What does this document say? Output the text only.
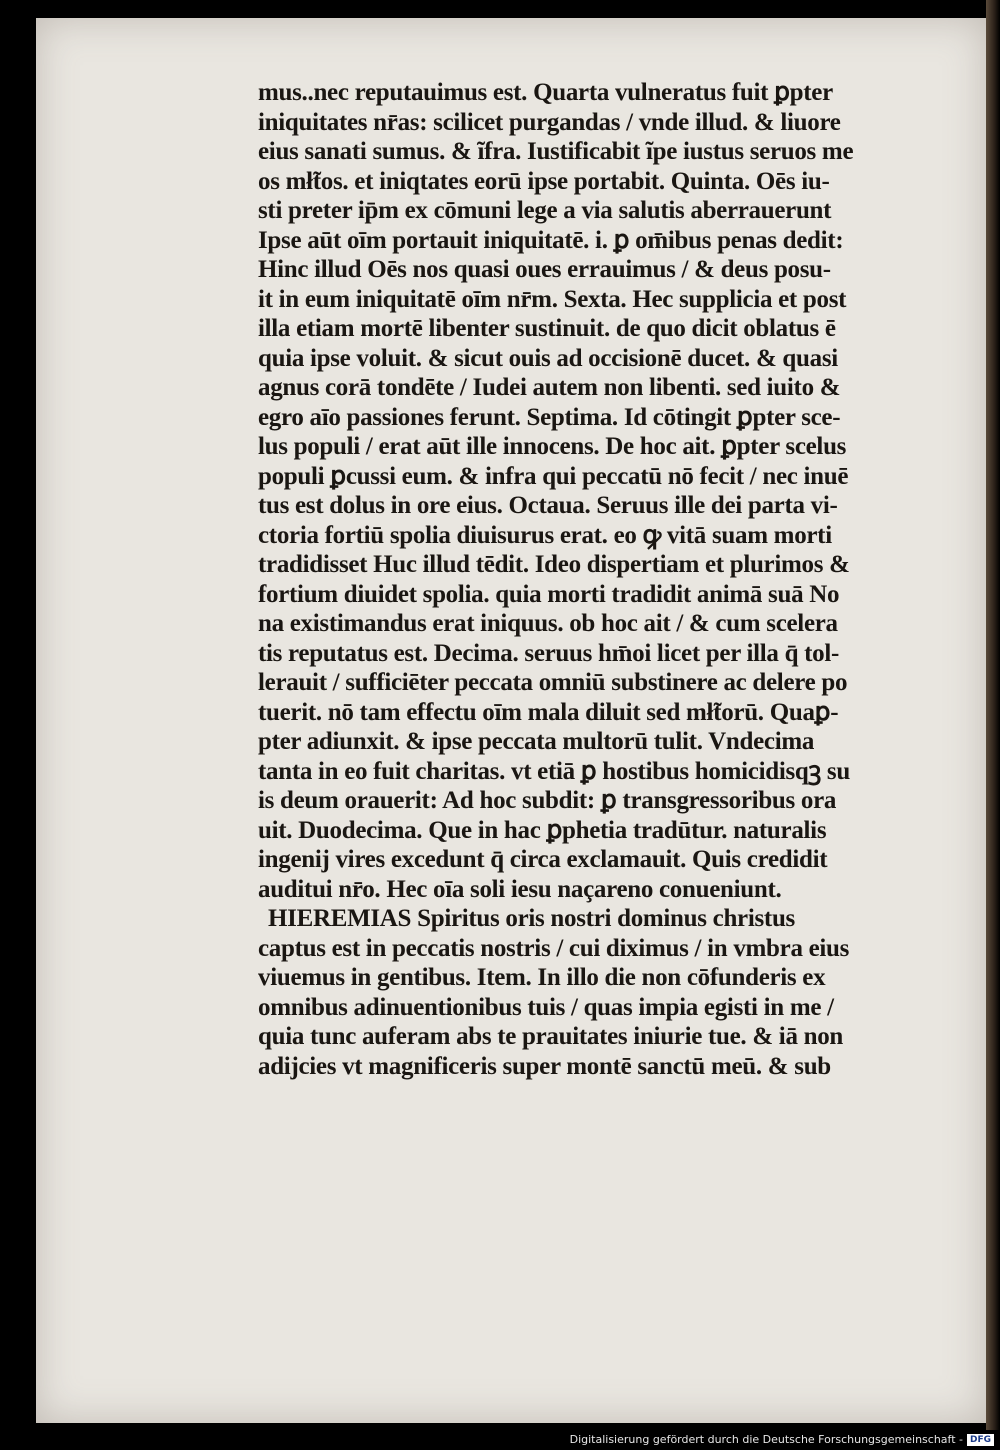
mus..nec reputauimus est. Quarta vulneratus fuit ꝑpter
iniquitates nr̄as: scilicet purgandas / vnde illud. & liuore
eius sanati sumus. & ĩfra. Iustificabit ĩpe iustus seruos me
os mł̃tos. et iniqtates eorū ipse portabit. Quinta. Oēs iu-
sti preter ip̄m ex cōmuni lege a via salutis aberrauerunt
Ipse aūt oīm portauit iniquitatē. i. ꝑ om̄ibus penas dedit:
Hinc illud Oēs nos quasi oues errauimus / & deus posu-
it in eum iniquitatē oīm nr̄m. Sexta. Hec supplicia et post
illa etiam mortē libenter sustinuit. de quo dicit oblatus ē
quia ipse voluit. & sicut ouis ad occisionē ducet. & quasi
agnus corā tondēte / Iudei autem non libenti. sed iuito &
egro aīo passiones ferunt. Septima. Id cōtingit ꝑpter sce-
lus populi / erat aūt ille innocens. De hoc ait. ꝑpter scelus
populi ꝑcussi eum. & infra qui peccatū nō fecit / nec inuē
tus est dolus in ore eius. Octaua. Seruus ille dei parta vi-
ctoria fortiū spolia diuisurus erat. eo ꝙ vitā suam morti
tradidisset Huc illud tēdit. Ideo dispertiam et plurimos &
fortium diuidet spolia. quia morti tradidit animā suā No
na existimandus erat iniquus. ob hoc ait / & cum scelera
tis reputatus est. Decima. seruus hm̄oi licet per illa q̄ tol-
lerauit / sufficiēter peccata omniū substinere ac delere po
tuerit. nō tam effectu oīm mala diluit sed mł̃torū. Quaꝑ-
pter adiunxit. & ipse peccata multorū tulit. Vndecima
tanta in eo fuit charitas. vt etiā ꝑ hostibus homicidisqꝫ su
is deum orauerit: Ad hoc subdit: ꝑ transgressoribus ora
uit. Duodecima. Que in hac ꝑphetia tradūtur. naturalis
ingenij vires excedunt q̄ circa exclamauit. Quis credidit
auditui nr̄o. Hec oīa soli iesu naçareno conueniunt.
HIEREMIAS Spiritus oris nostri dominus christus
captus est in peccatis nostris / cui diximus / in vmbra eius
viuemus in gentibus. Item. In illo die non cōfunderis ex
omnibus adinuentionibus tuis / quas impia egisti in me /
quia tunc auferam abs te prauitates iniurie tue. & iā non
adijcies vt magnificeris super montē sanctū meū. & sub
Digitalisierung gefördert durch die Deutsche Forschungsgemeinschaft - DFG
